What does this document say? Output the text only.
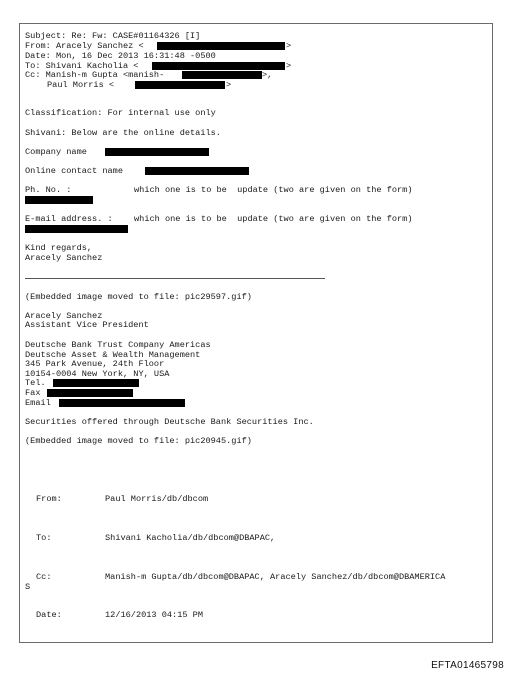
Subject: Re: Fw: CASE#01164326 [I]
From: Aracely Sanchez <	>
Date: Mon, 16 Dec 2013 16:31:48 -0500
To: Shivani Kacholia <	>
Cc: Manish-m Gupta <manish-	>,
Paul Morris <	>
Classification: For internal use only
Shivani: Below are the online details.
Company name
Online contact name
Ph. No. :	which one is to be  update (two are given on the form)
E-mail address. : which one is to be  update (two are given on the form)
Kind regards,
Aracely Sanchez
(Embedded image moved to file: pic29597.gif)
Aracely Sanchez
Assistant Vice President
Deutsche Bank Trust Company Americas
Deutsche Asset & Wealth Management
345 Park Avenue, 24th Floor
10154-0004 New York, NY, USA
Tel.
Fax
Email
Securities offered through Deutsche Bank Securities Inc.
(Embedded image moved to file: pic20945.gif)
From:	Paul Morris/db/dbcom
To:	Shivani Kacholia/db/dbcom@DBAPAC,
Cc:	Manish-m Gupta/db/dbcom@DBAPAC, Aracely Sanchez/db/dbcom@DBAMERICA
S
Date:	12/16/2013 04:15 PM
EFTA01465798
